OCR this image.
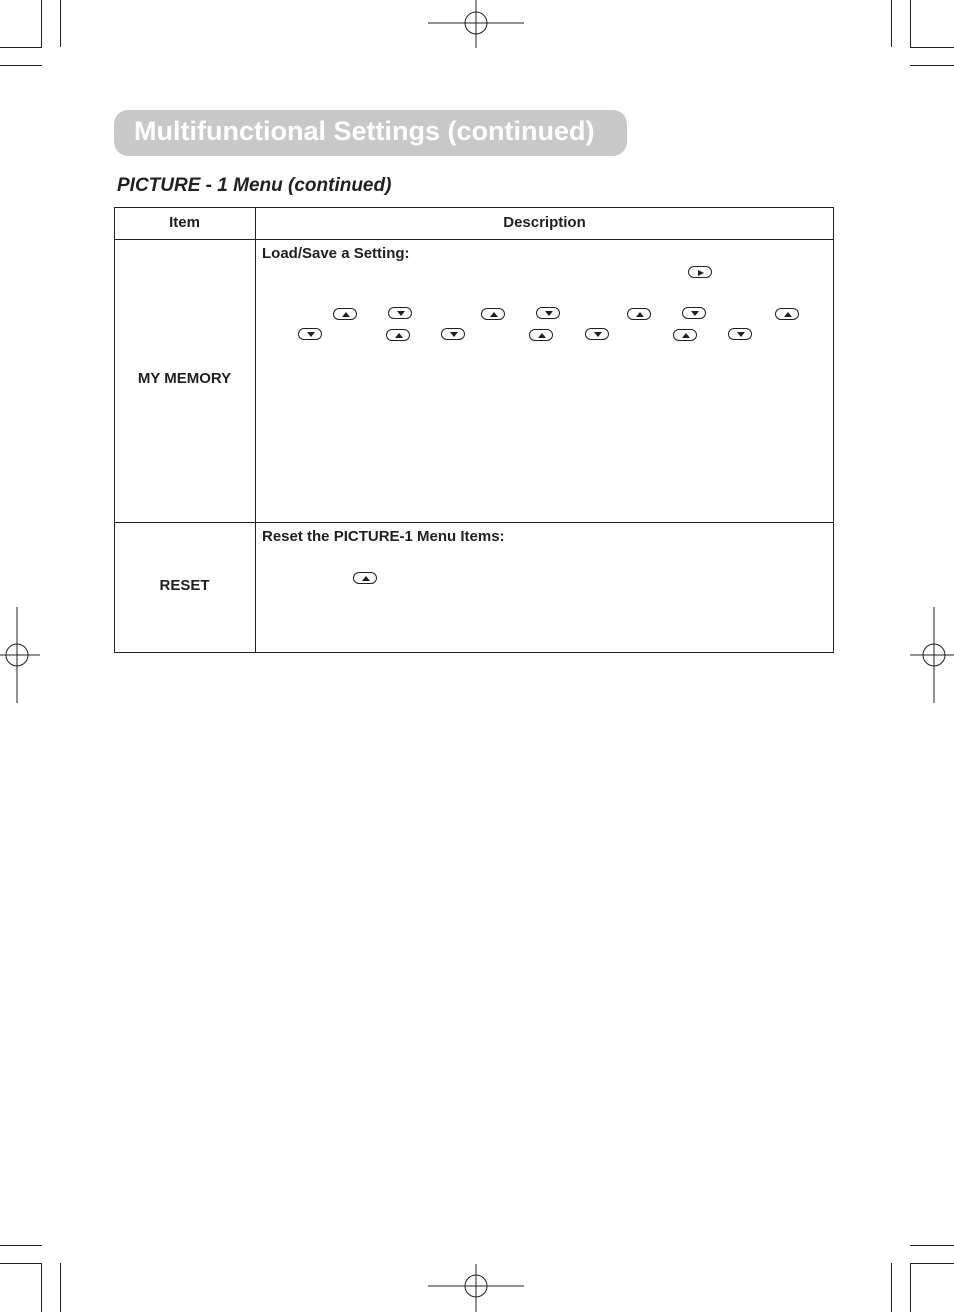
Multifunctional Settings (continued)
PICTURE - 1 Menu (continued)
Item	Description
MY MEMORY
Load/Save a Setting:
RESET
Reset the PICTURE-1 Menu Items:
